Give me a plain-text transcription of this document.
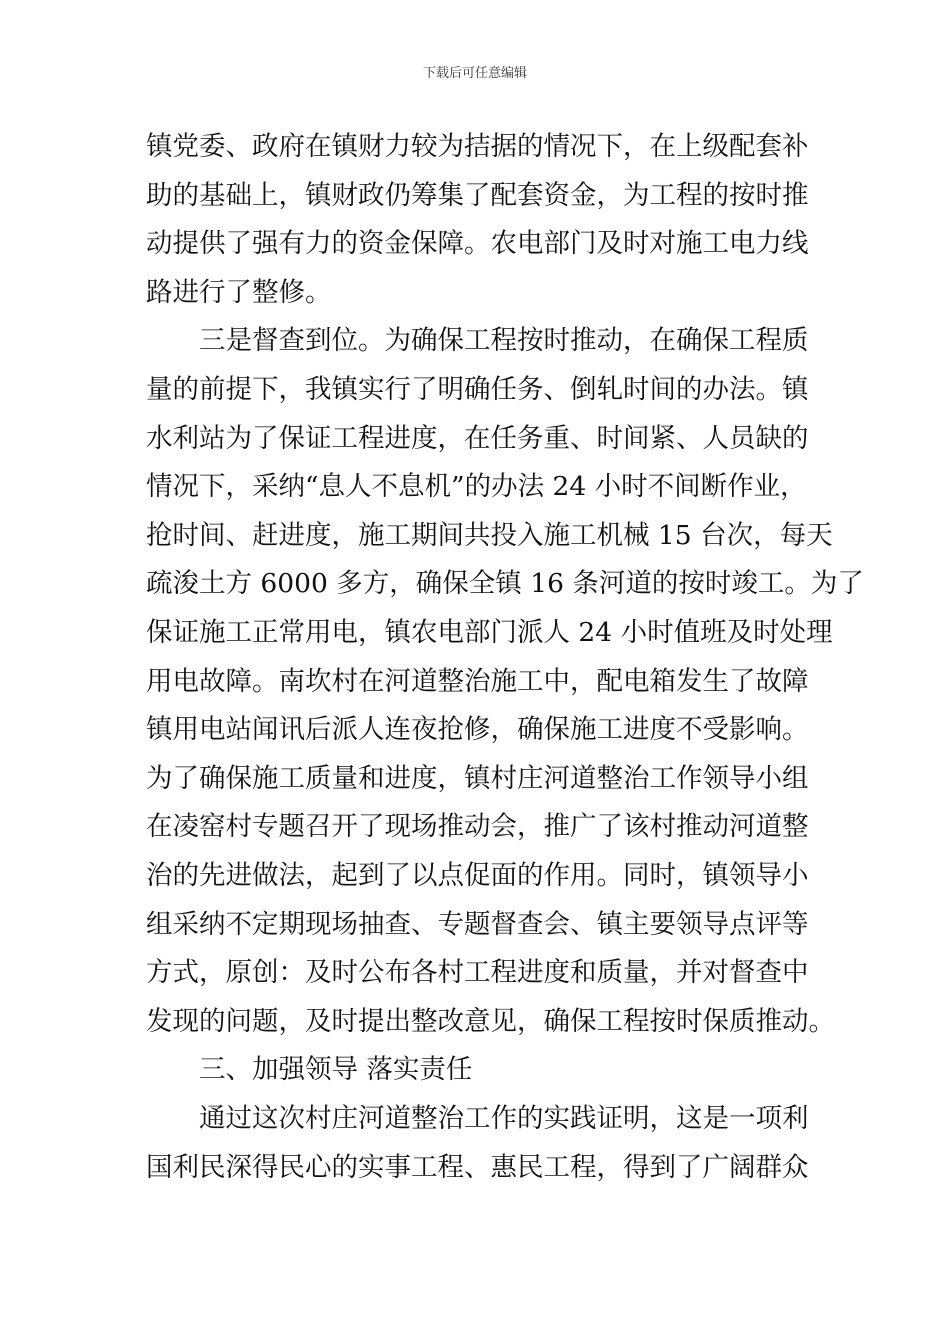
下载后可任意编辑
镇党委、政府在镇财力较为拮据的情况下，在上级配套补
助的基础上，镇财政仍筹集了配套资金，为工程的按时推
动提供了强有力的资金保障。农电部门及时对施工电力线
路进行了整修。
三是督查到位。为确保工程按时推动，在确保工程质
量的前提下，我镇实行了明确任务、倒轧时间的办法。镇
水利站为了保证工程进度，在任务重、时间紧、人员缺的
情况下，采纳“息人不息机”的办法 24 小时不间断作业，
抢时间、赶进度，施工期间共投入施工机械 15 台次，每天
疏浚土方 6000 多方，确保全镇 16 条河道的按时竣工。为了
保证施工正常用电，镇农电部门派人 24 小时值班及时处理
用电故障。南坎村在河道整治施工中，配电箱发生了故障
镇用电站闻讯后派人连夜抢修，确保施工进度不受影响。
为了确保施工质量和进度，镇村庄河道整治工作领导小组
在凌窑村专题召开了现场推动会，推广了该村推动河道整
治的先进做法，起到了以点促面的作用。同时，镇领导小
组采纳不定期现场抽查、专题督查会、镇主要领导点评等
方式，原创：及时公布各村工程进度和质量，并对督查中
发现的问题，及时提出整改意见，确保工程按时保质推动。
三、加强领导 落实责任
通过这次村庄河道整治工作的实践证明，这是一项利
国利民深得民心的实事工程、惠民工程，得到了广阔群众
